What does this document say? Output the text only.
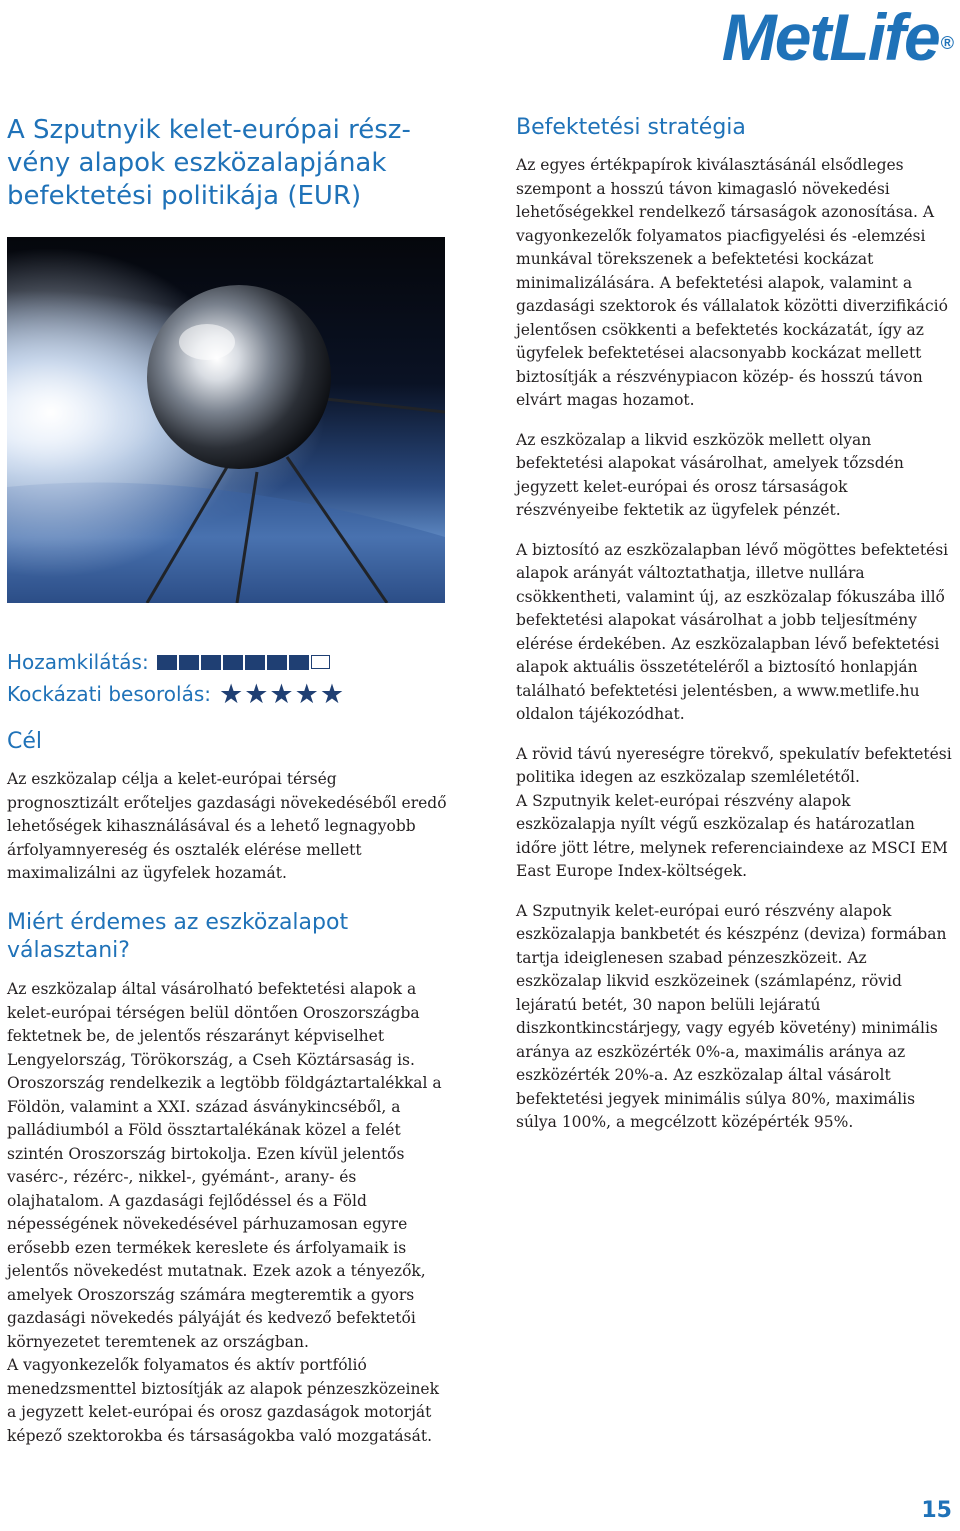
MetLife ®
A Szputnyik kelet-európai rész-vény alapok eszközalapjának befektetési politikája (EUR)
Hozamkilátás:
Kockázati besorolás: ★★★★★
Cél

Az eszközalap célja a kelet-európai térség prognosztizált erőteljes gazdasági növekedéséből eredő lehetőségek kihasználásával és a lehető legnagyobb árfolyamnyereség és osztalék elérése mellett maximalizálni az ügyfelek hozamát.

Miért érdemes az eszközalapot választani?

Az eszközalap által vásárolható befektetési alapok a kelet-európai térségen belül döntően Oroszországba fektetnek be, de jelentős részarányt képviselhet Lengyelország, Törökország, a Cseh Köztársaság is. Oroszország rendelkezik a legtöbb földgáztartalékkal a Földön, valamint a XXI. század ásványkincséből, a palládiumból a Föld össztartalékának közel a felét szintén Oroszország birtokolja. Ezen kívül jelentős vasérc-, rézérc-, nikkel-, gyémánt-, arany- és olajhatalom. A gazdasági fejlődéssel és a Föld népességének növekedésével párhuzamosan egyre erősebb ezen termékek kereslete és árfolyamaik is jelentős növekedést mutatnak. Ezek azok a tényezők, amelyek Oroszország számára megteremtik a gyors gazdasági növekedés pályáját és kedvező befektetői környezetet teremtenek az országban.

A vagyonkezelők folyamatos és aktív portfólió menedzsmenttel biztosítják az alapok pénzeszközeinek a jegyzett kelet-európai és orosz gazdaságok motorját képező szektorokba és társaságokba való mozgatását.

Befektetési stratégia

Az egyes értékpapírok kiválasztásánál elsődleges szempont a hosszú távon kimagasló növekedési lehetőségekkel rendelkező társaságok azonosítása. A vagyonkezelők folyamatos piacfigyelési és -elemzési munkával törekszenek a befektetési kockázat minimalizálására. A befektetési alapok, valamint a gazdasági szektorok és vállalatok közötti diverzifikáció jelentősen csökkenti a befektetés kockázatát, így az ügyfelek befektetései alacsonyabb kockázat mellett biztosítják a részvénypiacon közép- és hosszú távon elvárt magas hozamot.

Az eszközalap a likvid eszközök mellett olyan befektetési alapokat vásárolhat, amelyek tőzsdén jegyzett kelet-európai és orosz társaságok részvényeibe fektetik az ügyfelek pénzét.

A biztosító az eszközalapban lévő mögöttes befektetési alapok arányát változtathatja, illetve nullára csökkentheti, valamint új, az eszközalap fókuszába illő befektetési alapokat vásárolhat a jobb teljesítmény elérése érdekében. Az eszközalapban lévő befektetési alapok aktuális összetételéről a biztosító honlapján található befektetési jelentésben, a www.metlife.hu oldalon tájékozódhat.

A rövid távú nyereségre törekvő, spekulatív befektetési politika idegen az eszközalap szemléletétől.

A Szputnyik kelet-európai részvény alapok eszközalapja nyílt végű eszközalap és határozatlan időre jött létre, melynek referenciaindexe az MSCI EM East Europe Index-költségek.

A Szputnyik kelet-európai euró részvény alapok eszközalapja bankbetét és készpénz (deviza) formában tartja ideiglenesen szabad pénzeszközeit. Az eszközalap likvid eszközeinek (számlapénz, rövid lejáratú betét, 30 napon belüli lejáratú diszkontkincstárjegy, vagy egyéb követény) minimális aránya az eszközérték 0%-a, maximális aránya az eszközérték 20%-a. Az eszközalap által vásárolt befektetési jegyek minimális súlya 80%, maximális súlya 100%, a megcélzott középérték 95%.

15
